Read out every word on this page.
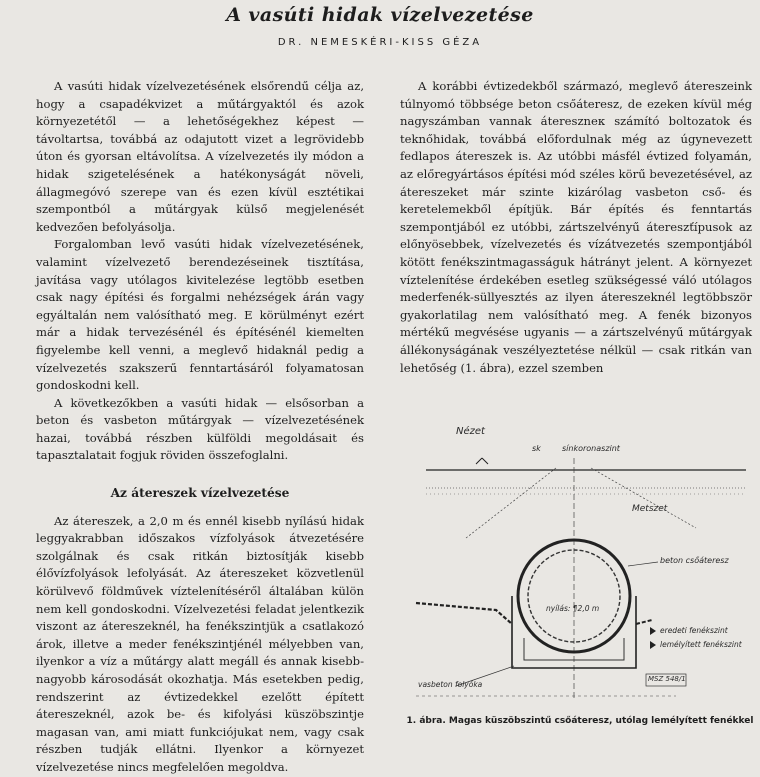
A vasúti hidak vízelvezetése
DR. NEMESKÉRI-KISS GÉZA

A vasúti hidak vízelvezetésének elsőrendű célja az, hogy a csapadékvizet a műtárgyaktól és azok környezetétől — a lehetőségekhez képest — távoltartsa, továbbá az odajutott vizet a legrövidebb úton és gyorsan eltávolítsa. A vízelvezetés ily módon a hidak szigetelésének a hatékonyságát növeli, állagmegóvó szerepe van és ezen kívül esztétikai szempontból a műtárgyak külső megjelenését kedvezően befolyásolja.

Forgalomban levő vasúti hidak vízelvezetésének, valamint vízelvezető berendezéseinek tisztítása, javítása vagy utólagos kivitelezése legtöbb esetben csak nagy építési és forgalmi nehézségek árán vagy egyáltalán nem valósítható meg. E körülményt ezért már a hidak tervezésénél és építésénél kiemelten figyelembe kell venni, a meglevő hidaknál pedig a vízelvezetés szakszerű fenntartásáról folyamatosan gondoskodni kell.

A következőkben a vasúti hidak — elsősorban a beton és vasbeton műtárgyak — vízelvezetésének hazai, továbbá részben külföldi megoldásait és tapasztalatait fogjuk röviden összefoglalni.

Az átereszek vízelvezetése

Az átereszek, a 2,0 m és ennél kisebb nyílású hidak leggyakrabban időszakos vízfolyások átvezetésére szolgálnak és csak ritkán biztosítják kisebb élővízfolyások lefolyását. Az átereszeket közvetlenül körülvevő földművek víztelenítéséről általában külön nem kell gondoskodni. Vízelvezetési feladat jelentkezik viszont az átereszeknél, ha fenékszintjük a csatlakozó árok, illetve a meder fenékszintjénél mélyebben van, ilyenkor a víz a műtárgy alatt megáll és annak kisebb-nagyobb károsodását okozhatja. Más esetekben pedig, rendszerint az évtizedekkel ezelőtt épített átereszeknél, azok be- és kifolyási küszöbszintje magasan van, ami miatt funkciójukat nem, vagy csak részben tudják ellátni. Ilyenkor a környezet vízelvezetése nincs megfelelően megoldva.

A korábbi évtizedekből származó, meglevő átereszeink túlnyomó többsége beton csőáteresz, de ezeken kívül még nagyszámban vannak átereszneк számító boltozatok és teknőhidak, továbbá előfordulnak még az úgynevezett fedlapos átereszek is. Az utóbbi másfél évtized folyamán, az előregyártásos építési mód széles körű bevezetésével, az átereszeket már szinte kizárólag vasbeton cső- és keretelemekből építjük. Bár építés és fenntartás szempontjából ez utóbbi, zártszelvényű átereszťípusok az előnyösebbek, vízelvezetés és vízátvezetés szempontjából kötött fenékszintmagasságuk hátrányt jelent. A környezet víztelenítése érdekében esetleg szükségessé váló utólagos mederfenék-süllyesztés az ilyen átereszeknél legtöbbször gyakorlatilag nem valósítható meg. A fenék bizonyos mértékű megvésése ugyanis — a zártszelvényű műtárgyak állékonyságának veszélyeztetése nélkül — csak ritkán van lehetőség (1. ábra), ezzel szemben

Nézet
sk	sínkoronaszint
Metszet
beton csőáteresz
nyílás: ¶2,0 m
eredeti fenékszint
lemélyített fenékszint
vasbeton folyóka
MSZ 548/1
1. ábra. Magas küszöbszintű csőáteresz, utólag lemélyített fenékkel
